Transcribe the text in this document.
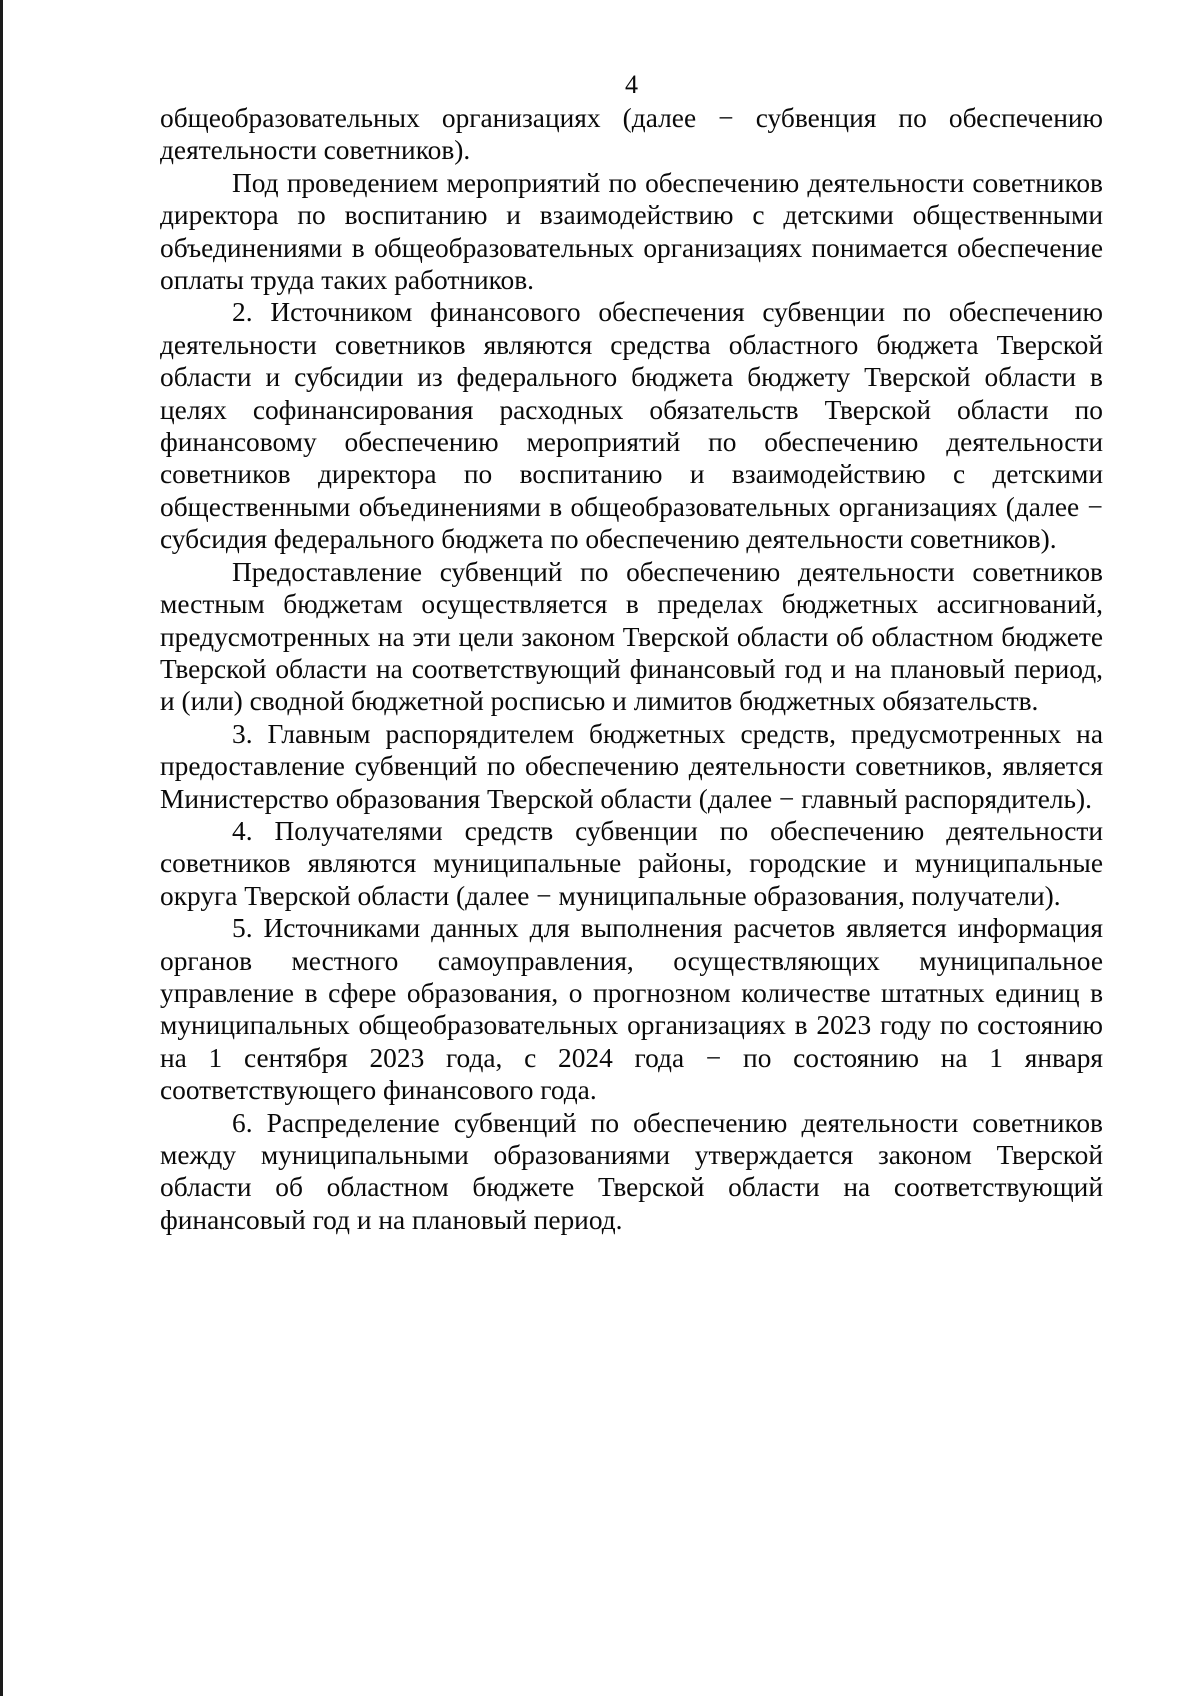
4

общеобразовательных организациях (далее − субвенция по обеспечению деятельности советников).

Под проведением мероприятий по обеспечению деятельности советников директора по воспитанию и взаимодействию с детскими общественными объединениями в общеобразовательных организациях понимается обеспечение оплаты труда таких работников.

2. Источником финансового обеспечения субвенции по обеспечению деятельности советников являются средства областного бюджета Тверской области и субсидии из федерального бюджета бюджету Тверской области в целях софинансирования расходных обязательств Тверской области по финансовому обеспечению мероприятий по обеспечению деятельности советников директора по воспитанию и взаимодействию с детскими общественными объединениями в общеобразовательных организациях (далее − субсидия федерального бюджета по обеспечению деятельности советников).

Предоставление субвенций по обеспечению деятельности советников местным бюджетам осуществляется в пределах бюджетных ассигнований, предусмотренных на эти цели законом Тверской области об областном бюджете Тверской области на соответствующий финансовый год и на плановый период, и (или) сводной бюджетной росписью и лимитов бюджетных обязательств.

3. Главным распорядителем бюджетных средств, предусмотренных на предоставление субвенций по обеспечению деятельности советников, является Министерство образования Тверской области (далее − главный распорядитель).

4. Получателями средств субвенции по обеспечению деятельности советников являются муниципальные районы, городские и муниципальные округа Тверской области (далее − муниципальные образования, получатели).

5. Источниками данных для выполнения расчетов является информация органов местного самоуправления, осуществляющих муниципальное управление в сфере образования, о прогнозном количестве штатных единиц в муниципальных общеобразовательных организациях в 2023 году по состоянию на 1 сентября 2023 года, с 2024 года − по состоянию на 1 января соответствующего финансового года.

6. Распределение субвенций по обеспечению деятельности советников между муниципальными образованиями утверждается законом Тверской области об областном бюджете Тверской области на соответствующий финансовый год и на плановый период.
